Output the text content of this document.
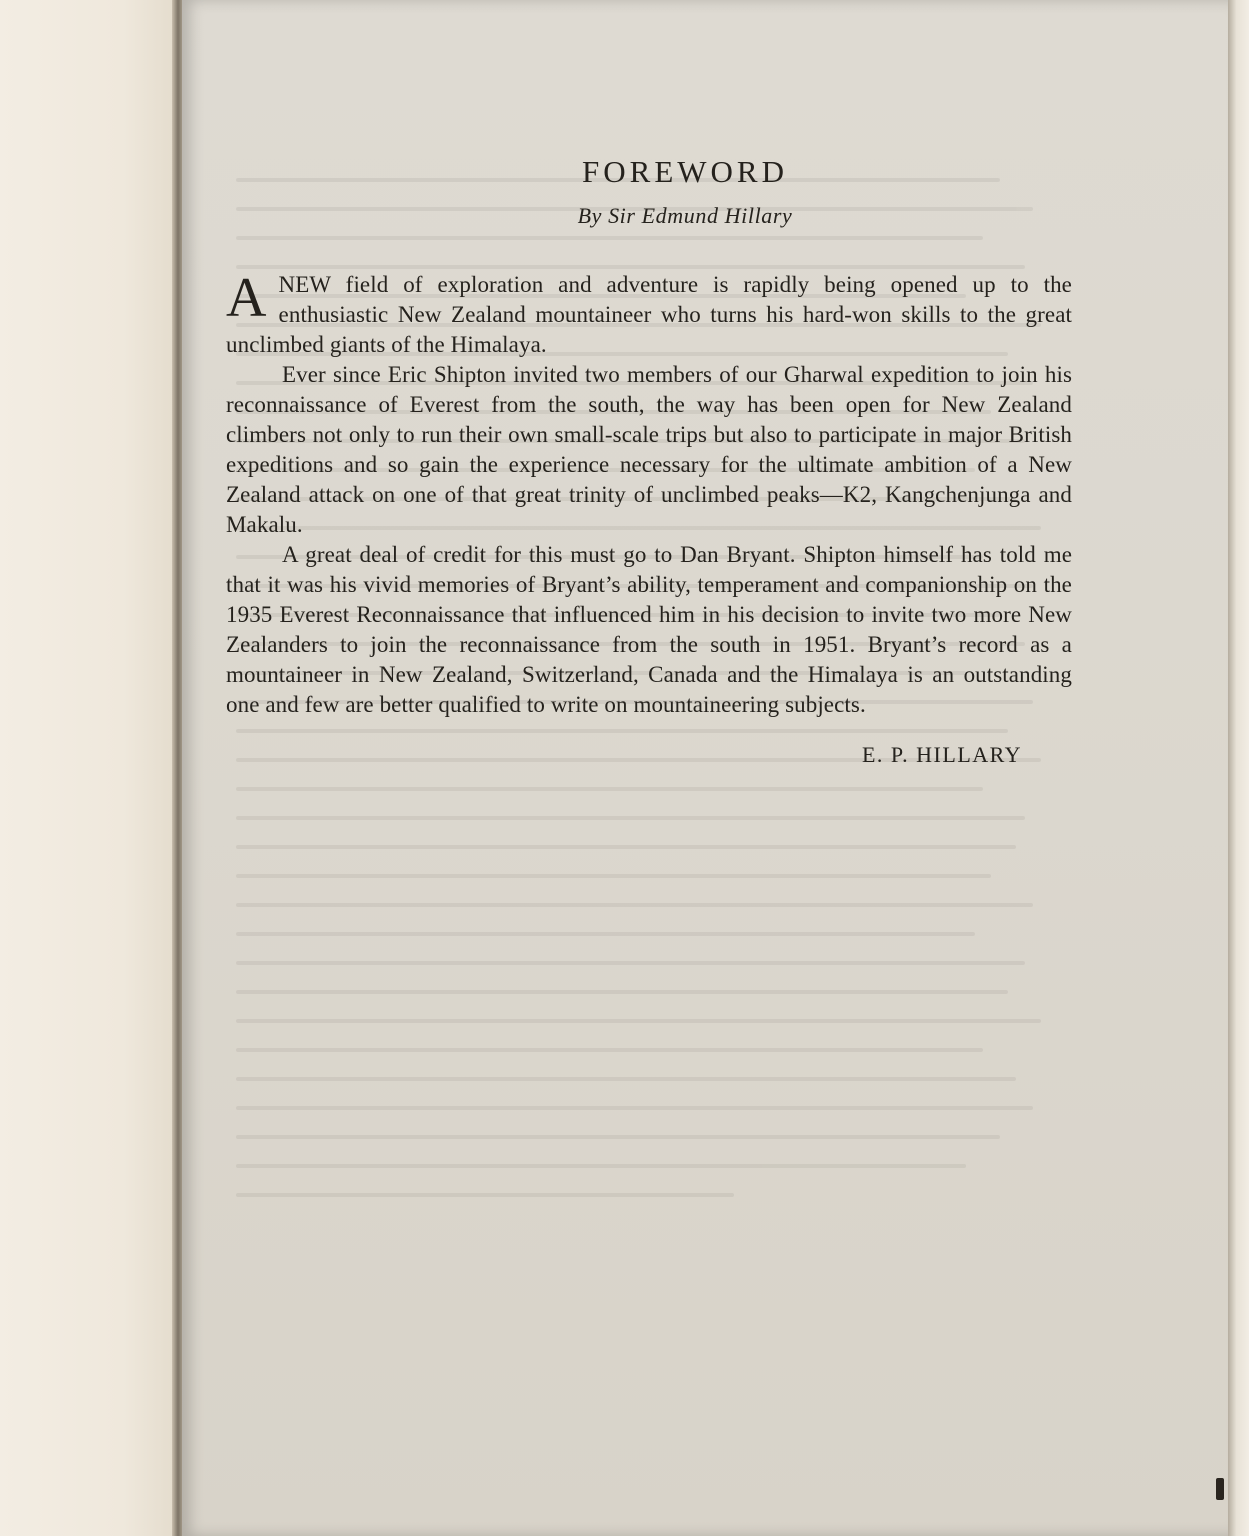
FOREWORD
By Sir Edmund Hillary

ANEW field of exploration and adventure is rapidly being opened up to the enthusiastic New Zealand mountaineer who turns his hard-won skills to the great unclimbed giants of the Himalaya.

Ever since Eric Shipton invited two members of our Gharwal expedition to join his reconnaissance of Everest from the south, the way has been open for New Zealand climbers not only to run their own small-scale trips but also to participate in major British expeditions and so gain the experience necessary for the ultimate ambition of a New Zealand attack on one of that great trinity of unclimbed peaks—K2, Kangchenjunga and Makalu.

A great deal of credit for this must go to Dan Bryant. Shipton himself has told me that it was his vivid memories of Bryant’s ability, temperament and companionship on the 1935 Everest Reconnaissance that influenced him in his decision to invite two more New Zealanders to join the reconnaissance from the south in 1951. Bryant’s record as a mountaineer in New Zealand, Switzerland, Canada and the Himalaya is an outstanding one and few are better qualified to write on mountaineering subjects.

E. P. HILLARY
